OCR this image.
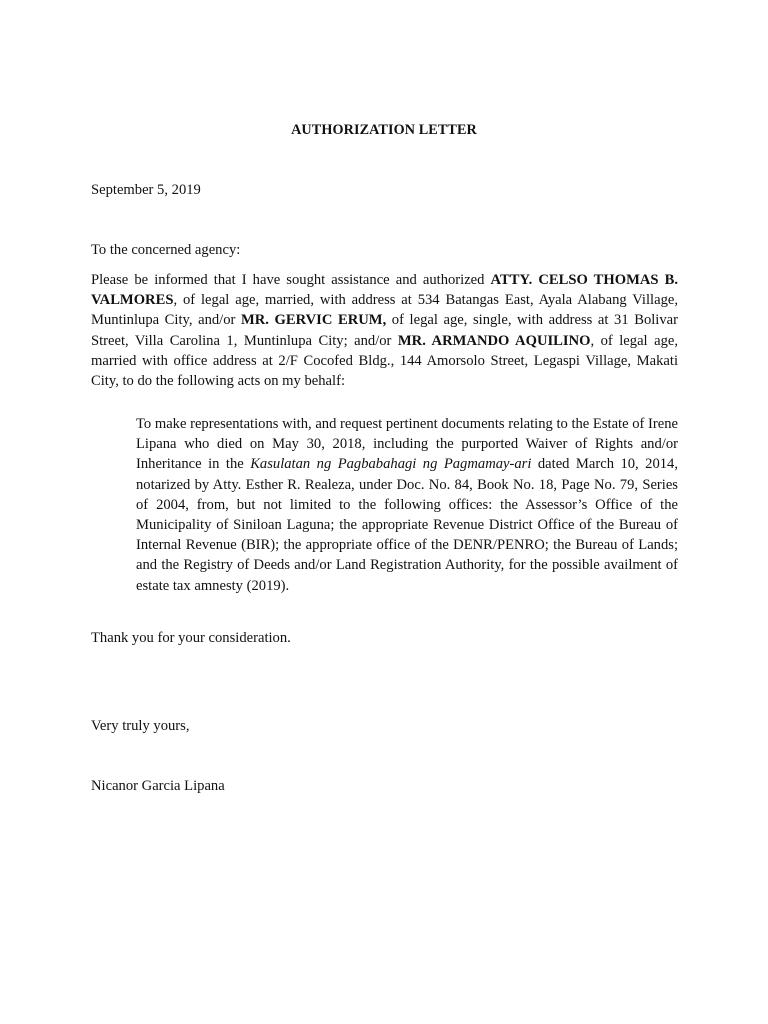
AUTHORIZATION LETTER
September 5, 2019
To the concerned agency:
Please be informed that I have sought assistance and authorized ATTY. CELSO THOMAS B. VALMORES, of legal age, married, with address at 534 Batangas East, Ayala Alabang Village, Muntinlupa City, and/or MR. GERVIC ERUM, of legal age, single, with address at 31 Bolivar Street, Villa Carolina 1, Muntinlupa City; and/or MR. ARMANDO AQUILINO, of legal age, married with office address at 2/F Cocofed Bldg., 144 Amorsolo Street, Legaspi Village, Makati City, to do the following acts on my behalf:
To make representations with, and request pertinent documents relating to the Estate of Irene Lipana who died on May 30, 2018, including the purported Waiver of Rights and/or Inheritance in the Kasulatan ng Pagbabahagi ng Pagmamay-ari dated March 10, 2014, notarized by Atty. Esther R. Realeza, under Doc. No. 84, Book No. 18, Page No. 79, Series of 2004, from, but not limited to the following offices: the Assessor’s Office of the Municipality of Siniloan Laguna; the appropriate Revenue District Office of the Bureau of Internal Revenue (BIR); the appropriate office of the DENR/PENRO; the Bureau of Lands; and the Registry of Deeds and/or Land Registration Authority, for the possible availment of estate tax amnesty (2019).
Thank you for your consideration.
Very truly yours,
Nicanor Garcia Lipana
